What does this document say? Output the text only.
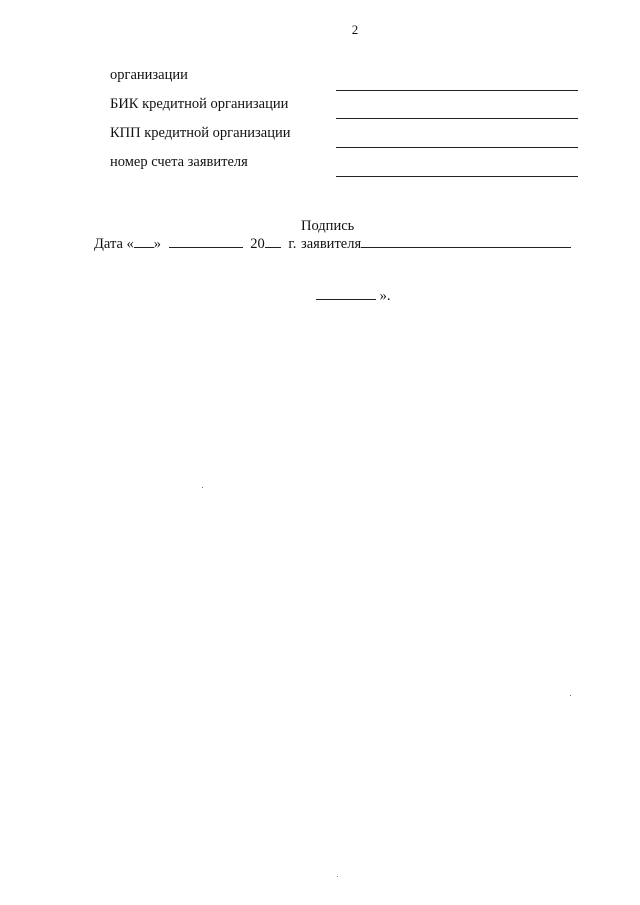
2
организации
БИК кредитной организации
КПП кредитной организации
номер счета заявителя
Дата « »	20 г.
Подпись
заявителя
».
